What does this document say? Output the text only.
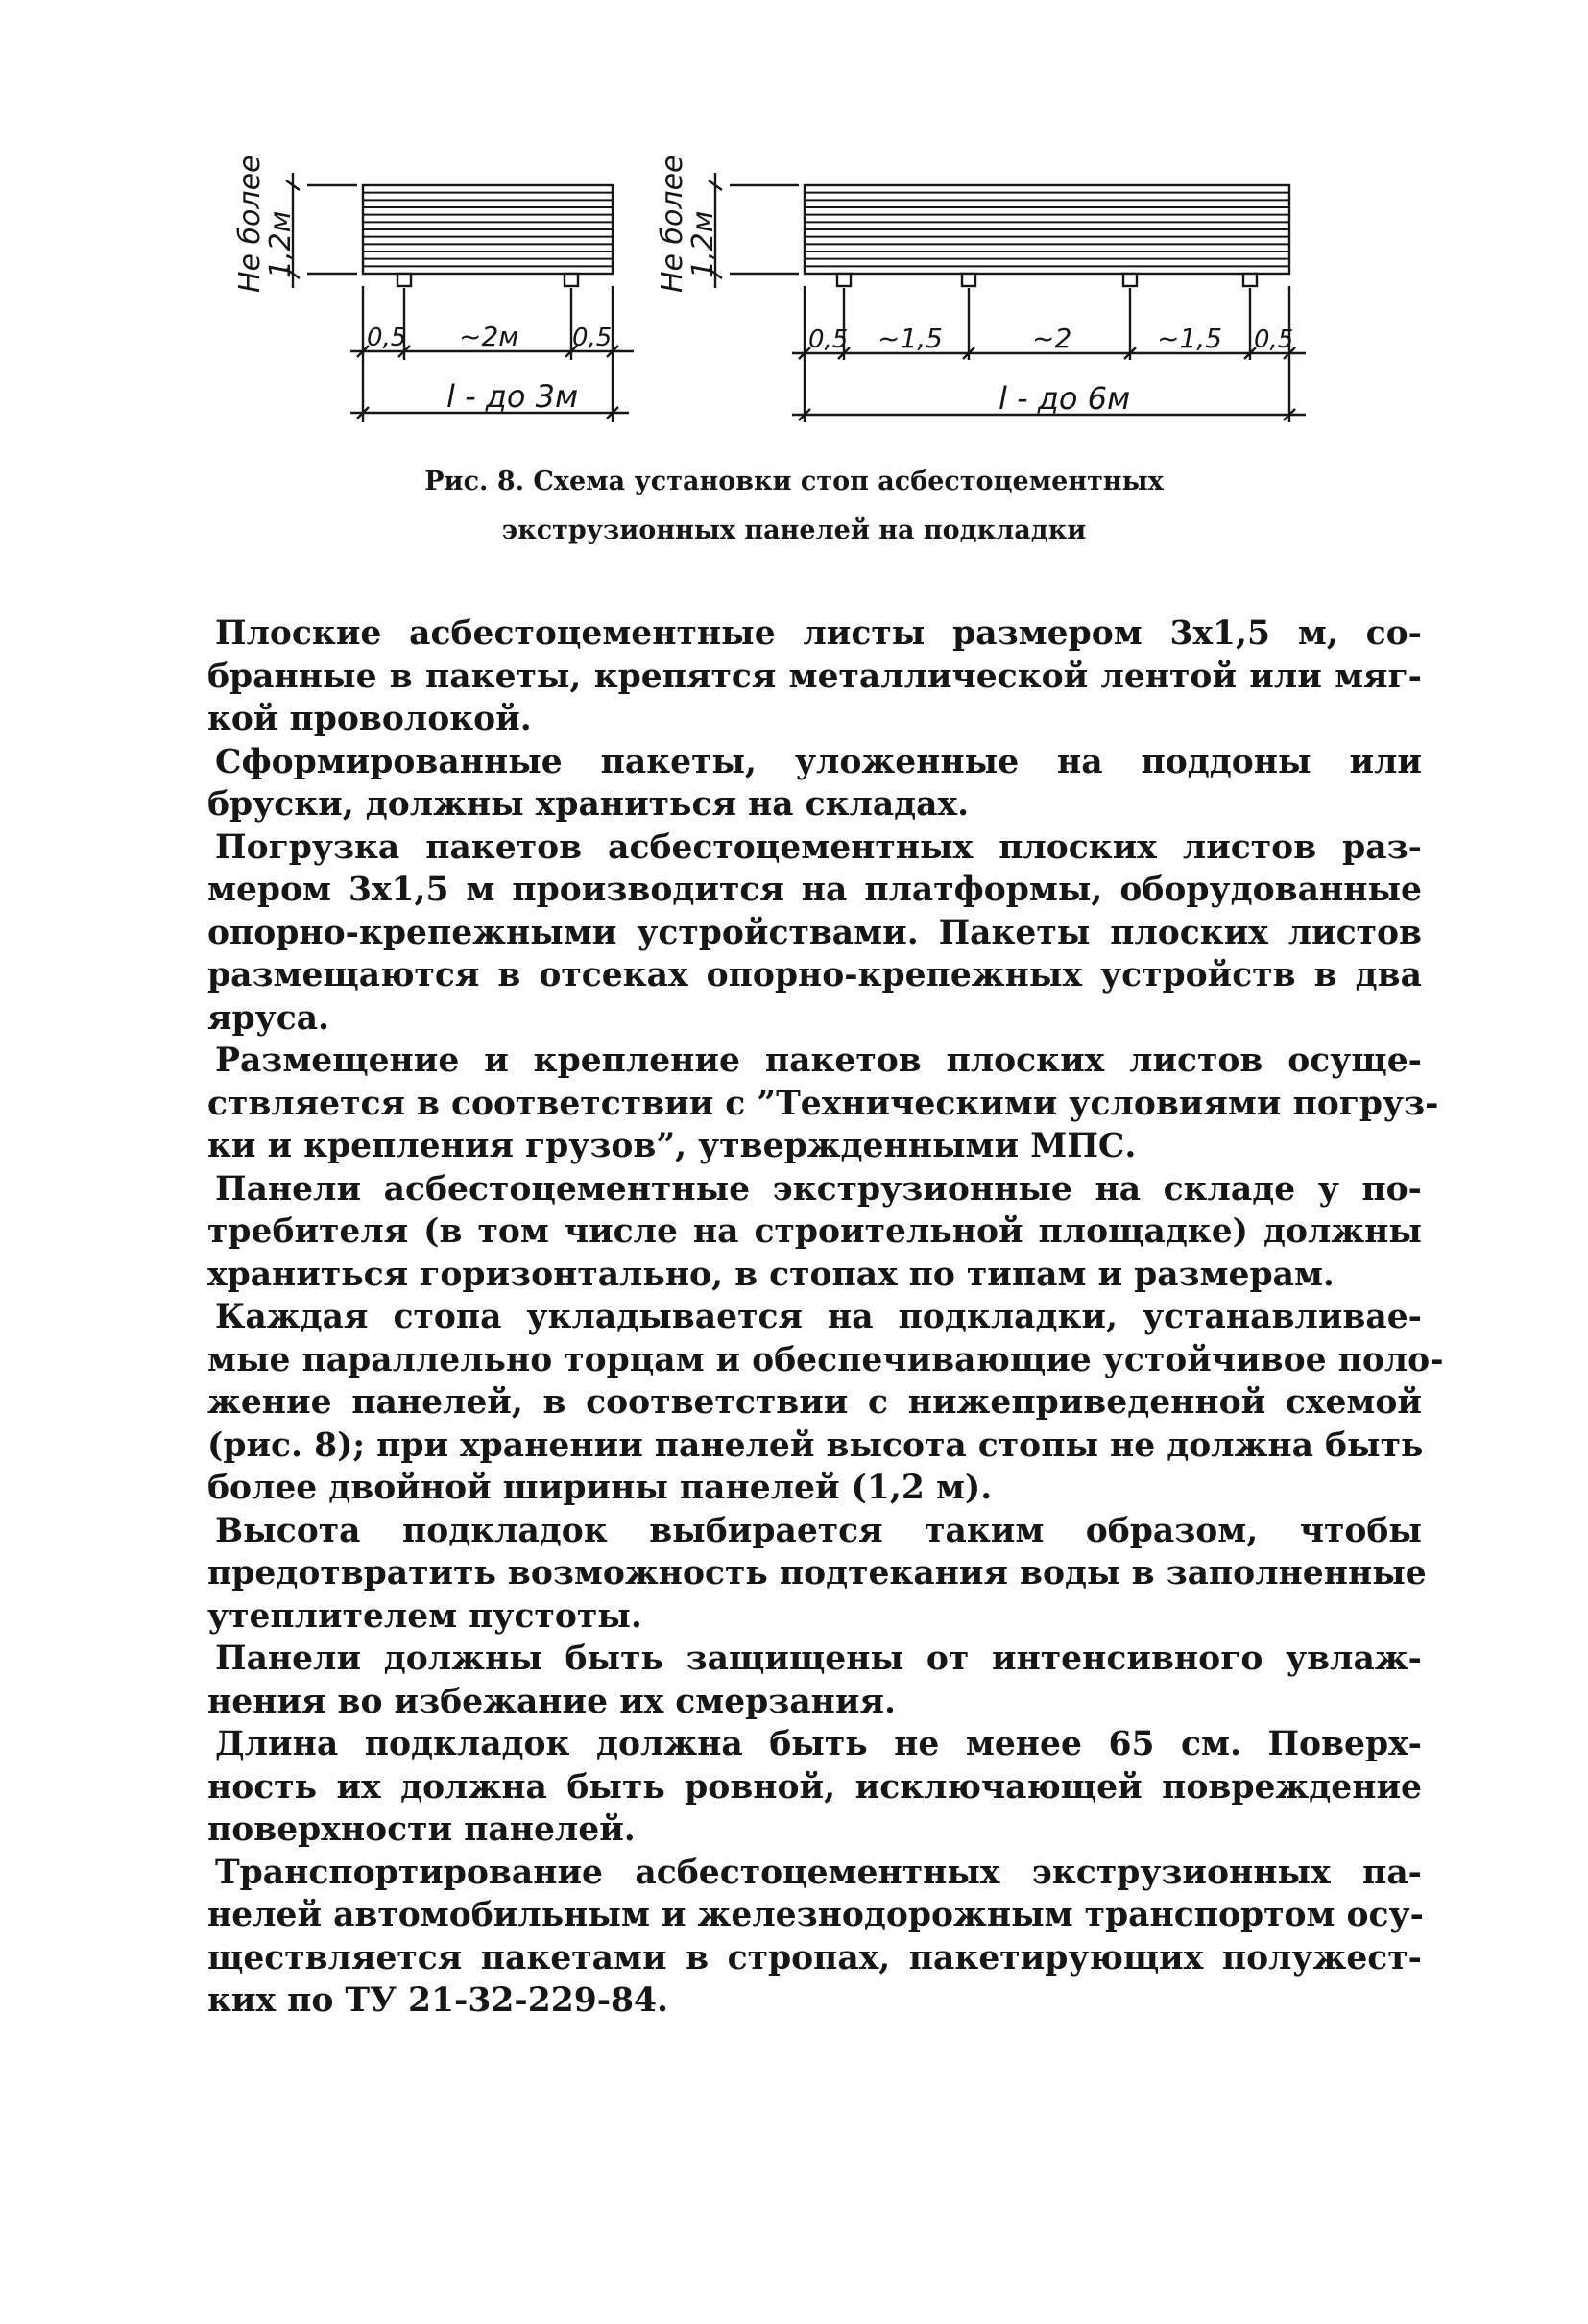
Не более
1,2м
0,5 ~2м 0,5
l - до 3м
Не более
1,2м
0,5 ~1,5	~2	~1,5 0,5
l - до 6м
Рис. 8. Схема установки стоп асбестоцементных
экструзионных панелей на подкладки
Плоские асбестоцементные листы размером 3х1,5 м, со-
бранные в пакеты, крепятся металлической лентой или мяг-
кой проволокой.
Сформированные пакеты, уложенные на поддоны или
бруски, должны храниться на складах.
Погрузка пакетов асбестоцементных плоских листов раз-
мером 3х1,5 м производится на платформы, оборудованные
опорно-крепежными устройствами. Пакеты плоских листов
размещаются в отсеках опорно-крепежных устройств в два
яруса.
Размещение и крепление пакетов плоских листов осуще-
ствляется в соответствии с ”Техническими условиями погруз-
ки и крепления грузов”, утвержденными МПС.
Панели асбестоцементные экструзионные на складе у по-
требителя (в том числе на строительной площадке) должны
храниться горизонтально, в стопах по типам и размерам.
Каждая стопа укладывается на подкладки, устанавливае-
мые параллельно торцам и обеспечивающие устойчивое поло-
жение панелей, в соответствии с нижеприведенной схемой
(рис. 8); при хранении панелей высота стопы не должна быть
более двойной ширины панелей (1,2 м).
Высота подкладок выбирается таким образом, чтобы
предотвратить возможность подтекания воды в заполненные
утеплителем пустоты.
Панели должны быть защищены от интенсивного увлаж-
нения во избежание их смерзания.
Длина подкладок должна быть не менее 65 см. Поверх-
ность их должна быть ровной, исключающей повреждение
поверхности панелей.
Транспортирование асбестоцементных экструзионных па-
нелей автомобильным и железнодорожным транспортом осу-
ществляется пакетами в стропах, пакетирующих полужест-
ких по ТУ 21-32-229-84.
